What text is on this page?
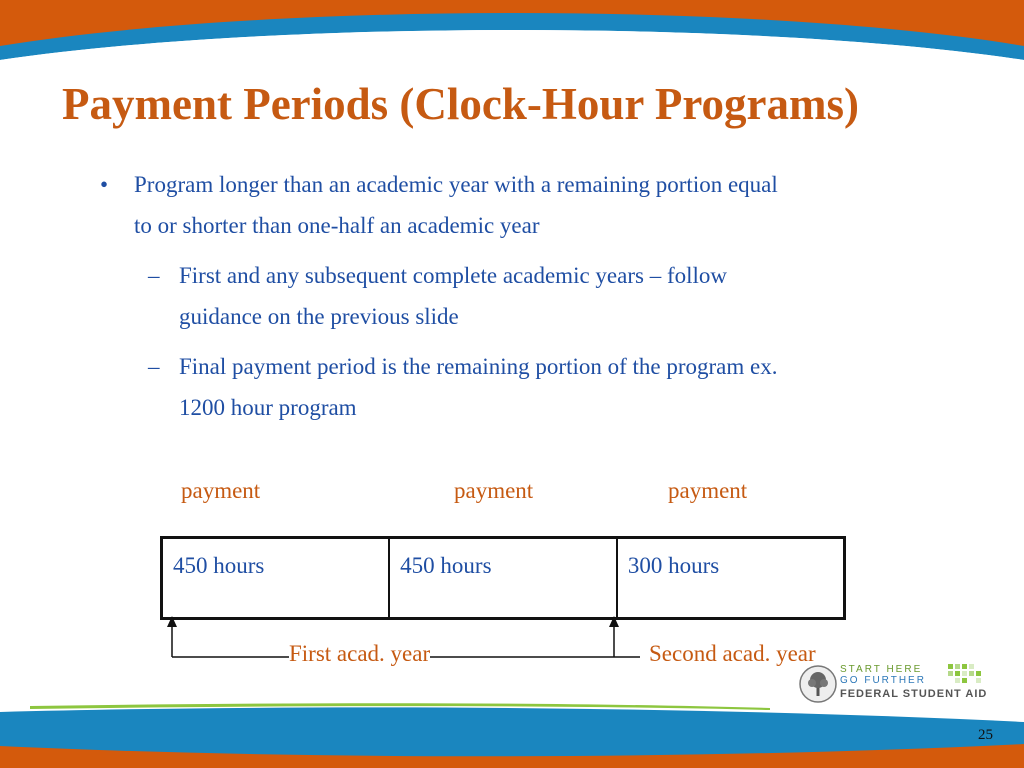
Payment Periods (Clock-Hour Programs)
• Program longer than an academic year with a remaining portion equal
to or shorter than one-half an academic year
– First and any subsequent complete academic years – follow
guidance on the previous slide
– Final payment period is the remaining portion of the program ex.
1200 hour program
payment	payment	payment
450 hours	450 hours	300 hours
First acad. year	Second acad. year
START HERE
GO FURTHER
FEDERAL STUDENT AID
25
